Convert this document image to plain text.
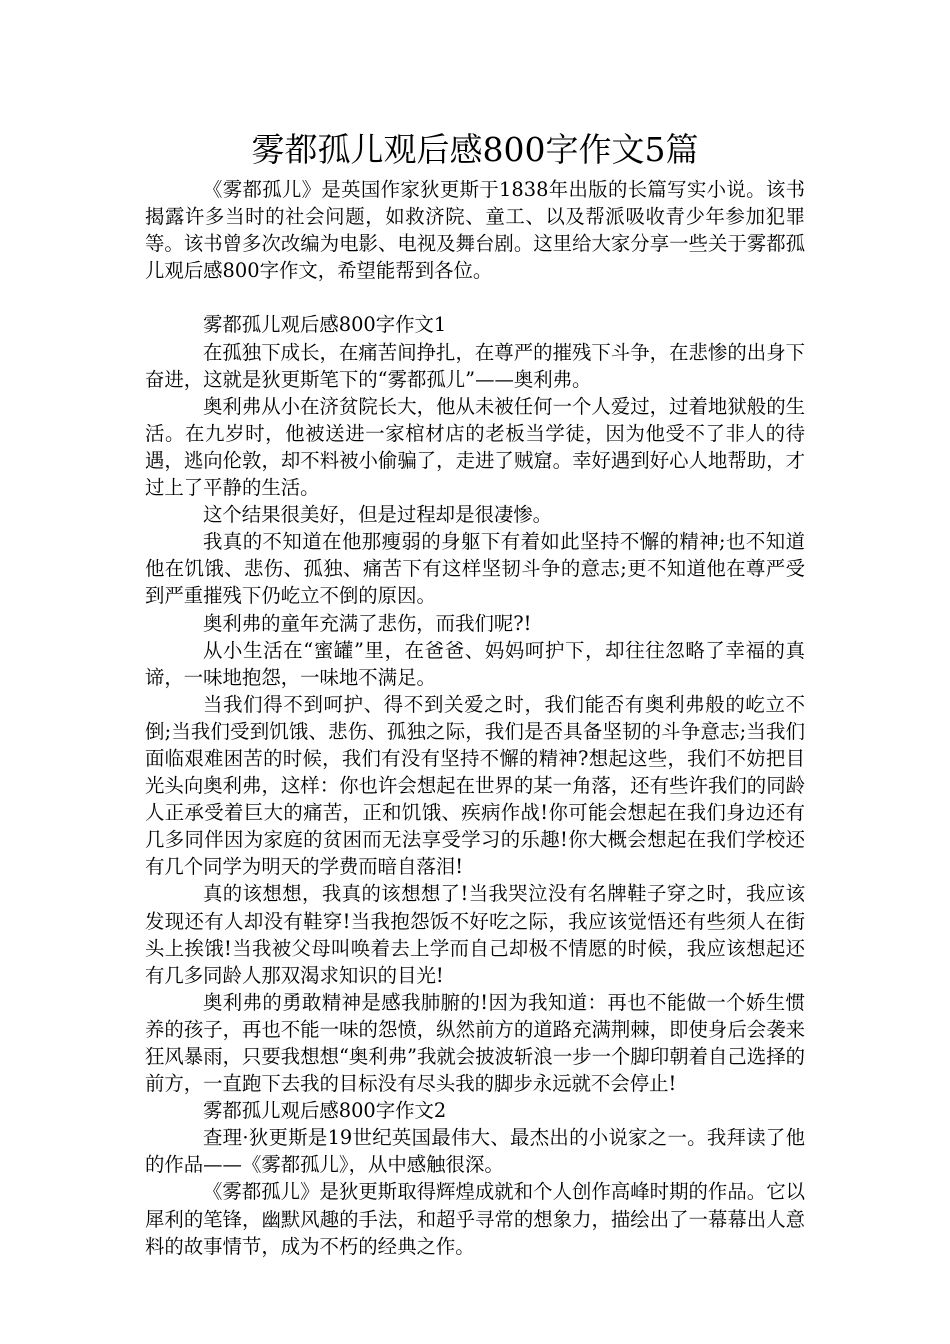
雾都孤儿观后感800字作文5篇

《雾都孤儿》是英国作家狄更斯于1838年出版的长篇写实小说。该书揭露许多当时的社会问题，如救济院、童工、以及帮派吸收青少年参加犯罪等。该书曾多次改编为电影、电视及舞台剧。这里给大家分享一些关于雾都孤儿观后感800字作文，希望能帮到各位。

雾都孤儿观后感800字作文1

在孤独下成长，在痛苦间挣扎，在尊严的摧残下斗争，在悲惨的出身下奋进，这就是狄更斯笔下的“雾都孤儿”——奥利弗。

奥利弗从小在济贫院长大，他从未被任何一个人爱过，过着地狱般的生活。在九岁时，他被送进一家棺材店的老板当学徒，因为他受不了非人的待遇，逃向伦敦，却不料被小偷骗了，走进了贼窟。幸好遇到好心人地帮助，才过上了平静的生活。

这个结果很美好，但是过程却是很凄惨。

我真的不知道在他那瘦弱的身躯下有着如此坚持不懈的精神;也不知道他在饥饿、悲伤、孤独、痛苦下有这样坚韧斗争的意志;更不知道他在尊严受到严重摧残下仍屹立不倒的原因。

奥利弗的童年充满了悲伤，而我们呢?!

从小生活在“蜜罐”里，在爸爸、妈妈呵护下，却往往忽略了幸福的真谛，一味地抱怨，一味地不满足。

当我们得不到呵护、得不到关爱之时，我们能否有奥利弗般的屹立不倒;当我们受到饥饿、悲伤、孤独之际，我们是否具备坚韧的斗争意志;当我们面临艰难困苦的时候，我们有没有坚持不懈的精神?想起这些，我们不妨把目光头向奥利弗，这样：你也许会想起在世界的某一角落，还有些许我们的同龄人正承受着巨大的痛苦，正和饥饿、疾病作战!你可能会想起在我们身边还有几多同伴因为家庭的贫困而无法享受学习的乐趣!你大概会想起在我们学校还有几个同学为明天的学费而暗自落泪!

真的该想想，我真的该想想了!当我哭泣没有名牌鞋子穿之时，我应该发现还有人却没有鞋穿!当我抱怨饭不好吃之际，我应该觉悟还有些须人在街头上挨饿!当我被父母叫唤着去上学而自己却极不情愿的时候，我应该想起还有几多同龄人那双渴求知识的目光!

奥利弗的勇敢精神是感我肺腑的!因为我知道：再也不能做一个娇生惯养的孩子，再也不能一味的怨愤，纵然前方的道路充满荆棘，即使身后会袭来狂风暴雨，只要我想想“奥利弗”我就会披波斩浪一步一个脚印朝着自己选择的前方，一直跑下去我的目标没有尽头我的脚步永远就不会停止!

雾都孤儿观后感800字作文2

查理·狄更斯是19世纪英国最伟大、最杰出的小说家之一。我拜读了他的作品——《雾都孤儿》，从中感触很深。

《雾都孤儿》是狄更斯取得辉煌成就和个人创作高峰时期的作品。它以犀利的笔锋，幽默风趣的手法，和超乎寻常的想象力，描绘出了一幕幕出人意料的故事情节，成为不朽的经典之作。
